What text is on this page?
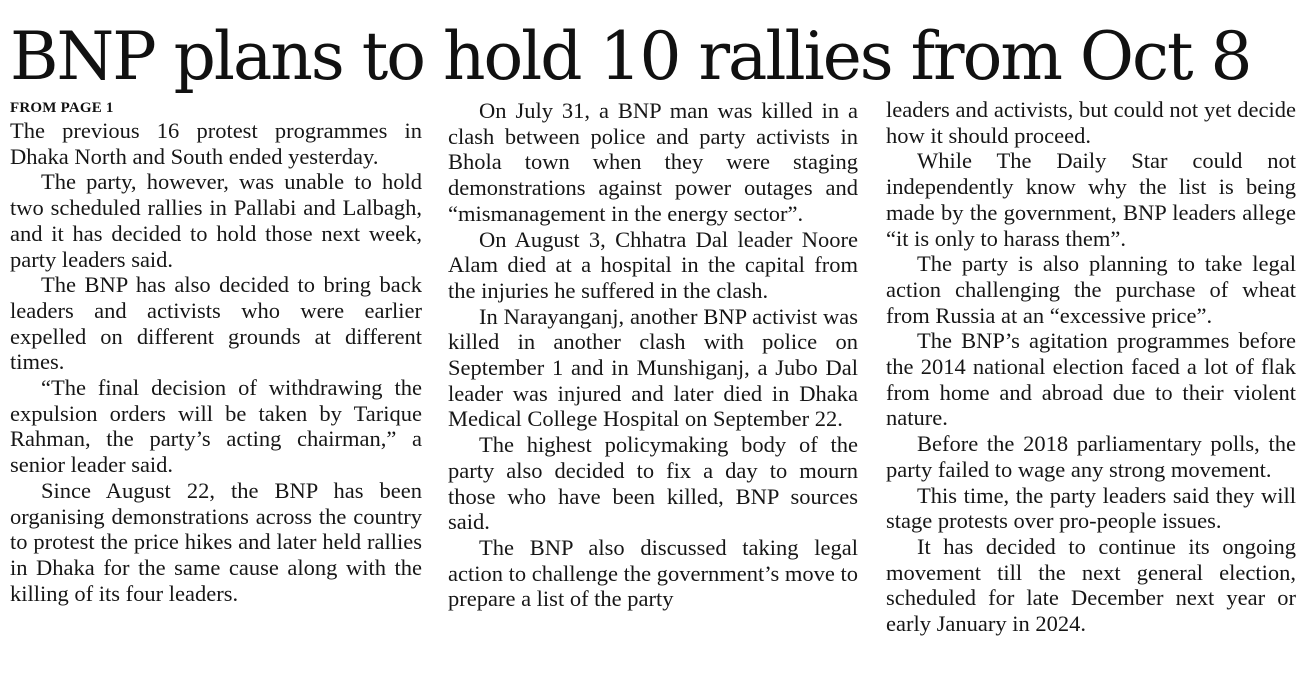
BNP plans to hold 10 rallies from Oct 8
FROM PAGE 1

The previous 16 protest programmes in Dhaka North and South ended yesterday.

The party, however, was unable to hold two scheduled rallies in Pallabi and Lalbagh, and it has decided to hold those next week, party leaders said.

The BNP has also decided to bring back leaders and activists who were earlier expelled on different grounds at different times.

“The final decision of withdrawing the expulsion orders will be taken by Tarique Rahman, the party’s acting chairman,” a senior leader said.

Since August 22, the BNP has been organising demonstrations across the country to protest the price hikes and later held rallies in Dhaka for the same cause along with the killing of its four leaders.

On July 31, a BNP man was killed in a clash between police and party activists in Bhola town when they were staging demonstrations against power outages and “mismanagement in the energy sector”.

On August 3, Chhatra Dal leader Noore Alam died at a hospital in the capital from the injuries he suffered in the clash.

In Narayanganj, another BNP activist was killed in another clash with police on September 1 and in Munshiganj, a Jubo Dal leader was injured and later died in Dhaka Medical College Hospital on September 22.

The highest policymaking body of the party also decided to fix a day to mourn those who have been killed, BNP sources said.

The BNP also discussed taking legal action to challenge the government’s move to prepare a list of the party

leaders and activists, but could not yet decide how it should proceed.

While The Daily Star could not independently know why the list is being made by the government, BNP leaders allege “it is only to harass them”.

The party is also planning to take legal action challenging the purchase of wheat from Russia at an “excessive price”.

The BNP’s agitation programmes before the 2014 national election faced a lot of flak from home and abroad due to their violent nature.

Before the 2018 parliamentary polls, the party failed to wage any strong movement.

This time, the party leaders said they will stage protests over pro-people issues.

It has decided to continue its ongoing movement till the next general election, scheduled for late December next year or early January in 2024.
